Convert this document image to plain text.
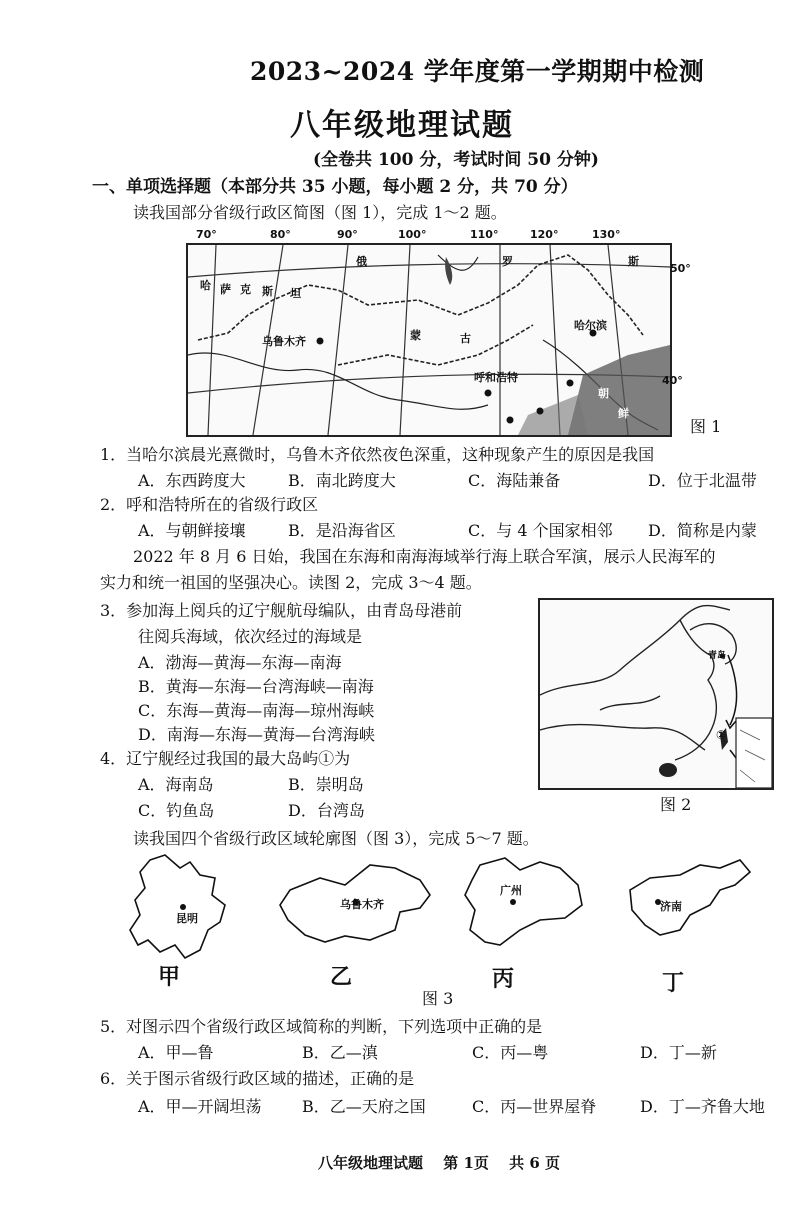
2023~2024 学年度第一学期期中检测
八年级地理试题
(全卷共 100 分，考试时间 50 分钟)
一、单项选择题（本部分共 35 小题，每小题 2 分，共 70 分）
读我国部分省级行政区简图（图 1），完成 1～2 题。
哈 萨 克 斯 坦
俄	罗	斯
蒙	古
朝
鲜
乌鲁木齐
哈尔滨
呼和浩特
70°	80°	90°	100°	110°	120°	130°
50°
40°
图 1
1．当哈尔滨晨光熹微时，乌鲁木齐依然夜色深重，这种现象产生的原因是我国
A．东西跨度大	B．南北跨度大	C．海陆兼备	D．位于北温带
2．呼和浩特所在的省级行政区
A．与朝鲜接壤	B．是沿海省区	C．与 4 个国家相邻 D．简称是内蒙
2022 年 8 月 6 日始，我国在东海和南海海域举行海上联合军演，展示人民海军的
实力和统一祖国的坚强决心。读图 2，完成 3～4 题。
3．参加海上阅兵的辽宁舰航母编队，由青岛母港前
往阅兵海域，依次经过的海域是
A．渤海—黄海—东海—南海
B．黄海—东海—台湾海峡—南海
C．东海—黄海—南海—琼州海峡
D．南海—东海—黄海—台湾海峡
4．辽宁舰经过我国的最大岛屿①为
A．海南岛	B．崇明岛
C．钓鱼岛	D．台湾岛
青岛
①
图 2
读我国四个省级行政区域轮廓图（图 3），完成 5～7 题。
昆明
乌鲁木齐
广州
济南
甲	乙	丙	丁
图 3
5．对图示四个省级行政区域简称的判断，下列选项中正确的是
A．甲—鲁	B．乙—滇	C．丙—粤	D．丁—新
6．关于图示省级行政区域的描述，正确的是
A．甲—开阔坦荡	B．乙—天府之国	C．丙—世界屋脊	D．丁—齐鲁大地
八年级地理试题　 第 1页　 共 6 页
